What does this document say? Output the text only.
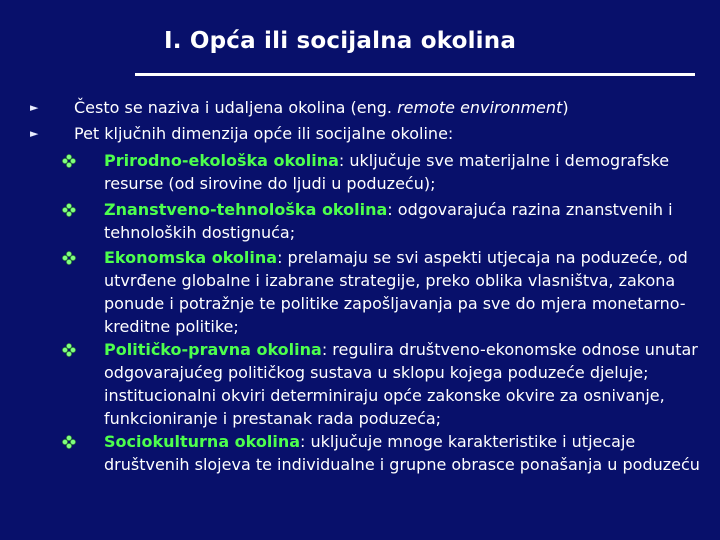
I. Opća ili socijalna okolina
► Često se naziva i udaljena okolina (eng. remote environment)
► Pet ključnih dimenzija opće ili socijalne okoline:
Prirodno-ekološka okolina: uključuje sve materijalne i demografske resurse (od sirovine do ljudi u poduzeću);
Znanstveno-tehnološka okolina: odgovarajuća razina znanstvenih i tehnoloških dostignuća;
Ekonomska okolina: prelamaju se svi aspekti utjecaja na poduzeće, od utvrđene globalne i izabrane strategije, preko oblika vlasništva, zakona ponude i potražnje te politike zapošljavanja pa sve do mjera monetarno-kreditne politike;
Političko-pravna okolina: regulira društveno-ekonomske odnose unutar odgovarajućeg političkog sustava u sklopu kojega poduzeće djeluje; institucionalni okviri determiniraju opće zakonske okvire za osnivanje, funkcioniranje i prestanak rada poduzeća;
Sociokulturna okolina: uključuje mnoge karakteristike i utjecaje društvenih slojeva te individualne i grupne obrasce ponašanja u poduzeću
